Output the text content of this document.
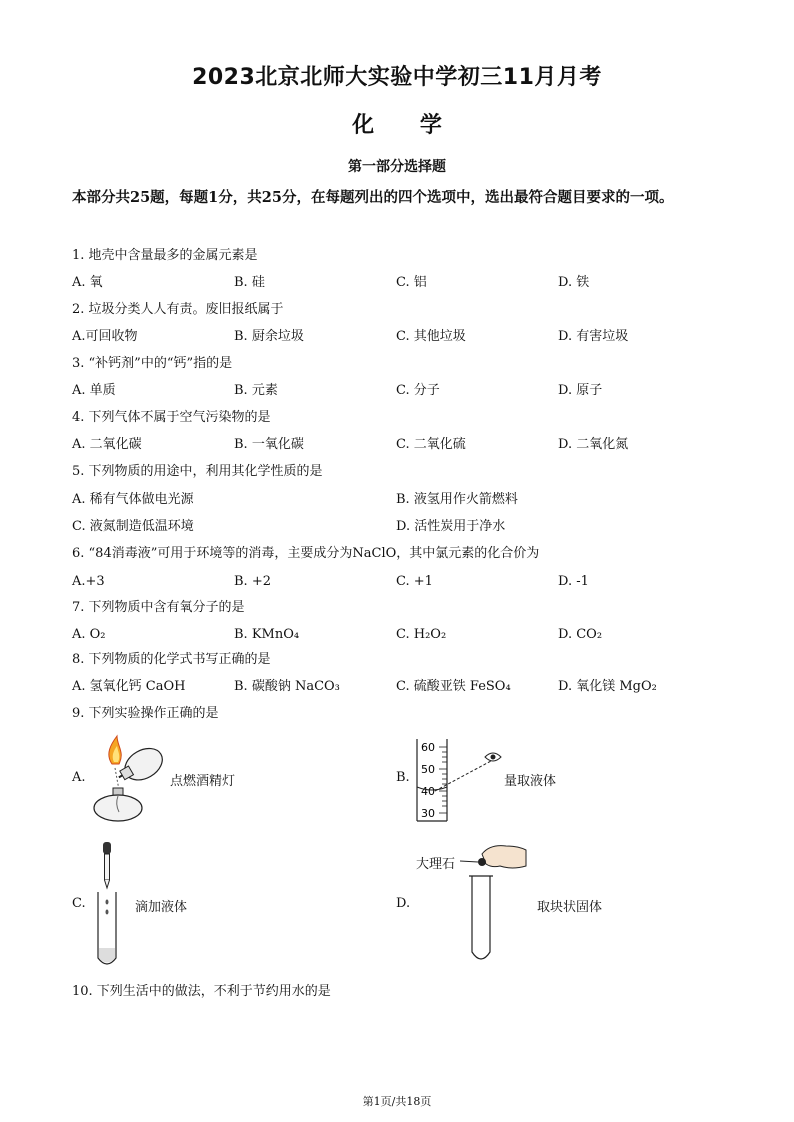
2023北京北师大实验中学初三11月月考
化 学
第一部分选择题
本部分共25题，每题1分，共25分，在每题列出的四个选项中，选出最符合题目要求的一项。
1. 地壳中含量最多的金属元素是
A. 氧	B. 硅	C. 铝	D. 铁
2. 垃圾分类人人有责。废旧报纸属于
A.可回收物	B. 厨余垃圾	C. 其他垃圾	D. 有害垃圾
3. “补钙剂”中的“钙”指的是
A. 单质	B. 元素	C. 分子	D. 原子
4. 下列气体不属于空气污染物的是
A. 二氧化碳	B. 一氧化碳	C. 二氧化硫	D. 二氧化氮
5. 下列物质的用途中，利用其化学性质的是
A. 稀有气体做电光源	B. 液氢用作火箭燃料
C. 液氮制造低温环境	D. 活性炭用于净水
6. “84消毒液”可用于环境等的消毒，主要成分为NaClO，其中氯元素的化合价为
A.+3	B. +2	C. +1	D. -1
7. 下列物质中含有氧分子的是
A. O₂	B. KMnO₄	C. H₂O₂	D. CO₂
8. 下列物质的化学式书写正确的是
A. 氢氧化钙 CaOH	B. 碳酸钠 NaCO₃	C. 硫酸亚铁 FeSO₄	D. 氧化镁 MgO₂
9. 下列实验操作正确的是
A.	点燃酒精灯	B.
60
50
40
30
量取液体
C.	滴加液体	D.
大理石
取块状固体
10. 下列生活中的做法，不利于节约用水的是
第1页/共18页
